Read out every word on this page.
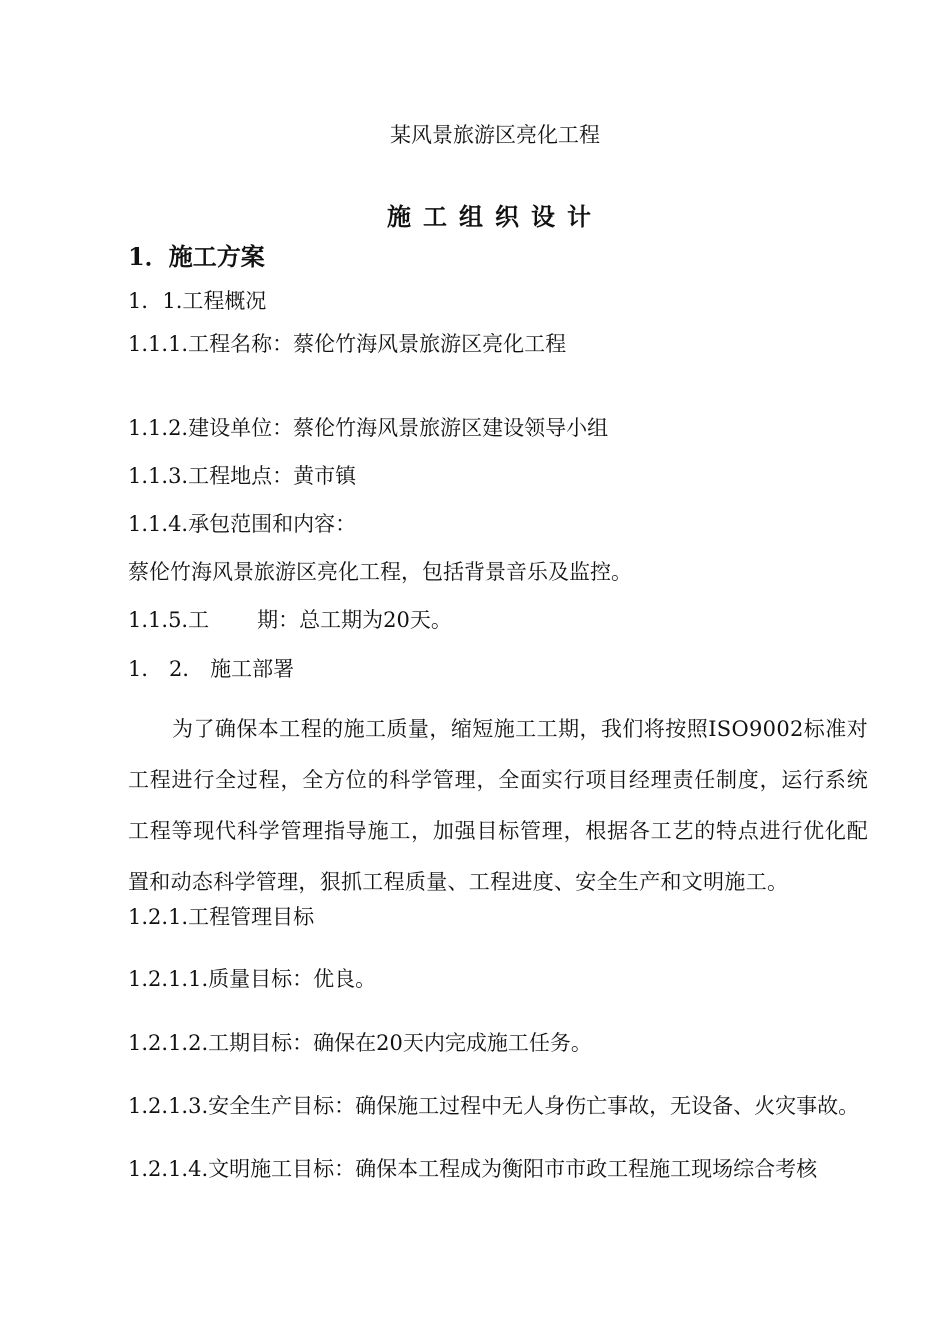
某风景旅游区亮化工程
施工组织设计
1．施工方案
1．1.工程概况
1.1.1.工程名称：蔡伦竹海风景旅游区亮化工程
1.1.2.建设单位：蔡伦竹海风景旅游区建设领导小组
1.1.3.工程地点：黄市镇
1.1.4.承包范围和内容：
蔡伦竹海风景旅游区亮化工程，包括背景音乐及监控。
1.1.5.工 期：总工期为20天。
1． 2． 施工部署
为了确保本工程的施工质量，缩短施工工期，我们将按照ISO9002标准对工程进行全过程，全方位的科学管理，全面实行项目经理责任制度，运行系统工程等现代科学管理指导施工，加强目标管理，根据各工艺的特点进行优化配置和动态科学管理，狠抓工程质量、工程进度、安全生产和文明施工。
1.2.1.工程管理目标
1.2.1.1.质量目标：优良。
1.2.1.2.工期目标：确保在20天内完成施工任务。
1.2.1.3.安全生产目标：确保施工过程中无人身伤亡事故，无设备、火灾事故。
1.2.1.4.文明施工目标：确保本工程成为衡阳市市政工程施工现场综合考核
